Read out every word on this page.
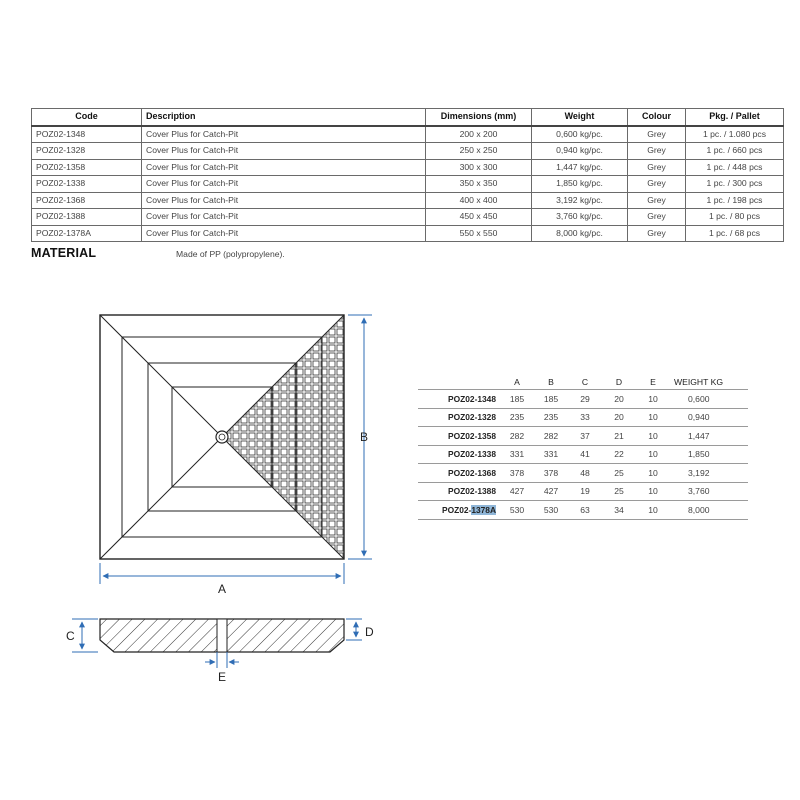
Code	Description	Dimensions (mm)	Weight	Colour	Pkg. / Pallet
POZ02-1348	Cover Plus for Catch-Pit	200 x 200	0,600 kg/pc.	Grey	1 pc. / 1.080 pcs
POZ02-1328	Cover Plus for Catch-Pit	250 x 250	0,940 kg/pc.	Grey	1 pc. / 660 pcs
POZ02-1358	Cover Plus for Catch-Pit	300 x 300	1,447 kg/pc.	Grey	1 pc. / 448 pcs
POZ02-1338	Cover Plus for Catch-Pit	350 x 350	1,850 kg/pc.	Grey	1 pc. / 300 pcs
POZ02-1368	Cover Plus for Catch-Pit	400 x 400	3,192 kg/pc.	Grey	1 pc. / 198 pcs
POZ02-1388	Cover Plus for Catch-Pit	450 x 450	3,760 kg/pc.	Grey	1 pc. / 80 pcs
POZ02-1378A	Cover Plus for Catch-Pit	550 x 550	8,000 kg/pc.	Grey	1 pc. / 68 pcs
MATERIAL	Made of PP (polypropylene).
A
B
C	D
E
	A	B	C	D	E	WEIGHT KG
POZ02-1348	185	185	29	20	10	0,600
POZ02-1328	235	235	33	20	10	0,940
POZ02-1358	282	282	37	21	10	1,447
POZ02-1338	331	331	41	22	10	1,850
POZ02-1368	378	378	48	25	10	3,192
POZ02-1388	427	427	19	25	10	3,760
POZ02-1378A	530	530	63	34	10	8,000
